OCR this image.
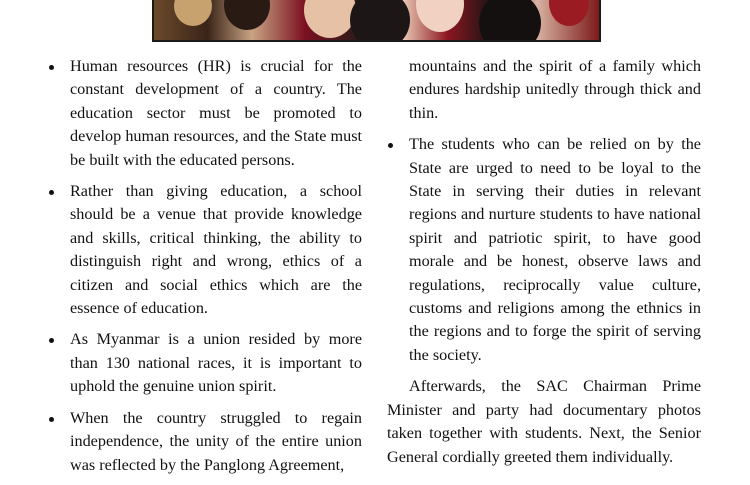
Human resources (HR) is crucial for the constant development of a country. The education sector must be promoted to develop human resources, and the State must be built with the educated persons.
Rather than giving education, a school should be a venue that provide knowledge and skills, critical thinking, the ability to distinguish right and wrong, ethics of a citizen and social ethics which are the essence of education.
As Myanmar is a union resided by more than 130 national races, it is important to uphold the genuine union spirit.
When the country struggled to regain independence, the unity of the entire union was reflected by the Panglong Agreement,

mountains and the spirit of a family which endures hardship unitedly through thick and thin.

The students who can be relied on by the State are urged to need to be loyal to the State in serving their duties in relevant regions and nurture students to have national spirit and patriotic spirit, to have good morale and be honest, observe laws and regulations, reciprocally value culture, customs and religions among the ethnics in the regions and to forge the spirit of serving the society.

Afterwards, the SAC Chairman Prime Minister and party had documentary photos taken together with students. Next, the Senior General cordially greeted them individually.
